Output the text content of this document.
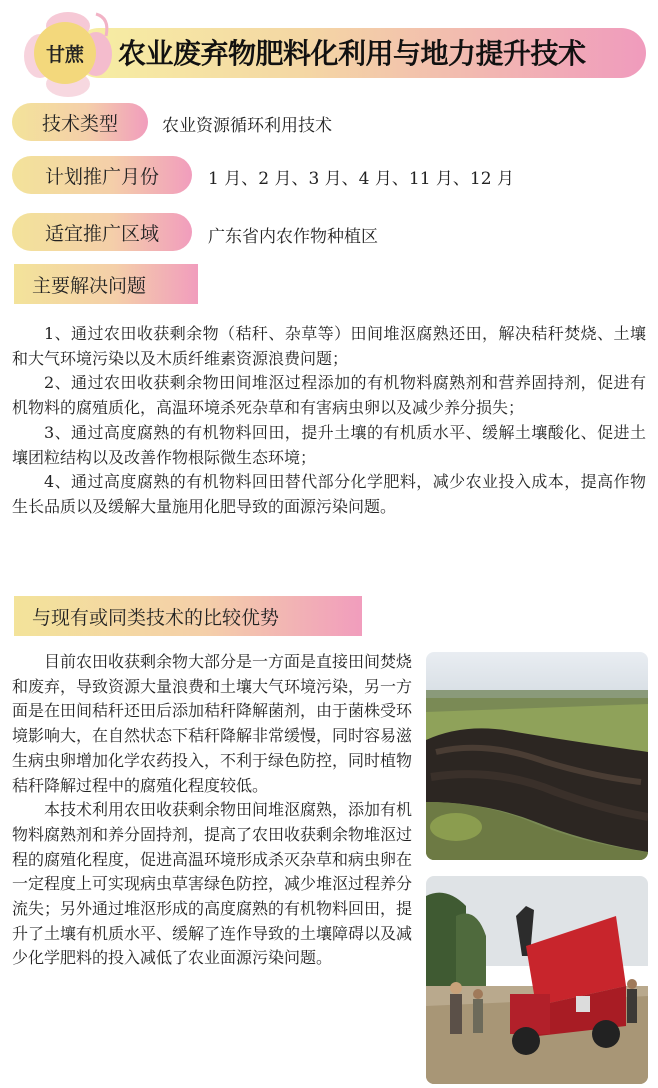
甘蔗	农业废弃物肥料化利用与地力提升技术
技术类型	农业资源循环利用技术
计划推广月份	1 月、2 月、3 月、4 月、11 月、12 月
适宜推广区域	广东省内农作物种植区
主要解决问题

1、通过农田收获剩余物（秸秆、杂草等）田间堆沤腐熟还田，解决秸秆焚烧、土壤和大气环境污染以及木质纤维素资源浪费问题；

2、通过农田收获剩余物田间堆沤过程添加的有机物料腐熟剂和营养固持剂，促进有机物料的腐殖质化，高温环境杀死杂草和有害病虫卵以及减少养分损失；

3、通过高度腐熟的有机物料回田，提升土壤的有机质水平、缓解土壤酸化、促进土壤团粒结构以及改善作物根际微生态环境；

4、通过高度腐熟的有机物料回田替代部分化学肥料，减少农业投入成本，提高作物生长品质以及缓解大量施用化肥导致的面源污染问题。

与现有或同类技术的比较优势

目前农田收获剩余物大部分是一方面是直接田间焚烧和废弃，导致资源大量浪费和土壤大气环境污染，另一方面是在田间秸秆还田后添加秸秆降解菌剂，由于菌株受环境影响大，在自然状态下秸秆降解非常缓慢，同时容易滋生病虫卵增加化学农药投入，不利于绿色防控，同时植物秸秆降解过程中的腐殖化程度较低。

本技术利用农田收获剩余物田间堆沤腐熟，添加有机物料腐熟剂和养分固持剂，提高了农田收获剩余物堆沤过程的腐殖化程度，促进高温环境形成杀灭杂草和病虫卵在一定程度上可实现病虫草害绿色防控，减少堆沤过程养分流失；另外通过堆沤形成的高度腐熟的有机物料回田，提升了土壤有机质水平、缓解了连作导致的土壤障碍以及减少化学肥料的投入减低了农业面源污染问题。
